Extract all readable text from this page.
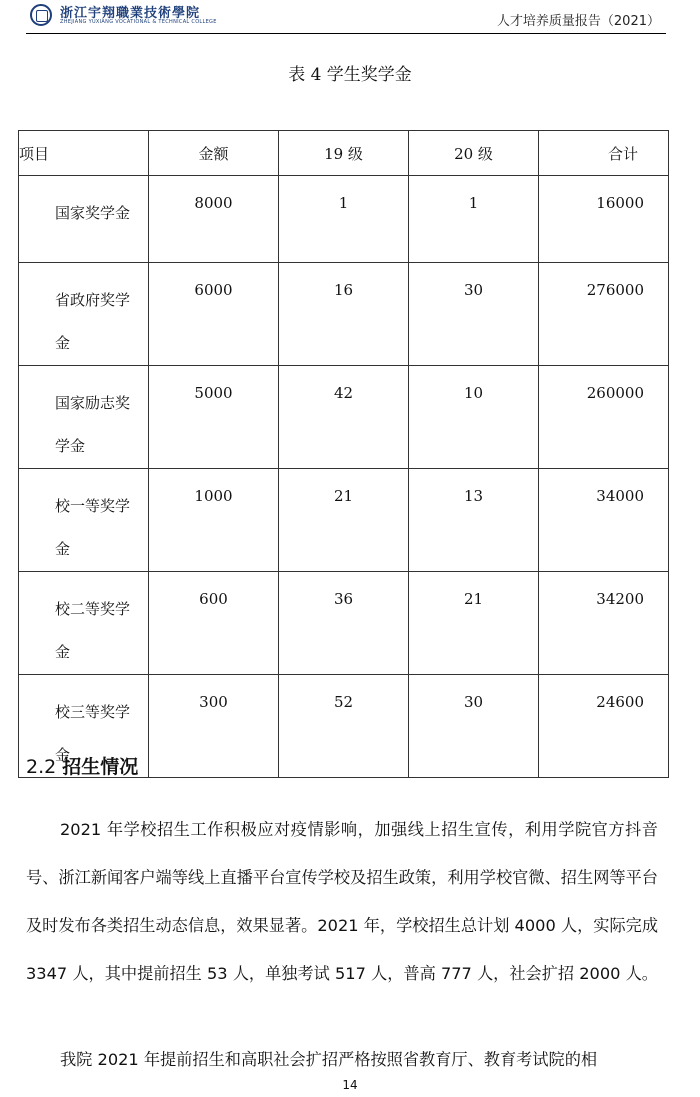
浙江宇翔職業技術學院
ZHEJIANG YUXIANG VOCATIONAL & TECHNICAL COLLEGE	人才培养质量报告（2021）
表 4 学生奖学金
项目	金额	19 级	20 级	合计

国家奖学金	8000	1	1	16000

省政府奖学金	6000	16	30	276000

国家励志奖学金	5000	42	10	260000

校一等奖学金	1000	21	13	34000

校二等奖学金	600	36	21	34200

校三等奖学金	300	52	30	24600
2.2 招生情况
2021 年学校招生工作积极应对疫情影响，加强线上招生宣传，利用学院官方抖音号、浙江新闻客户端等线上直播平台宣传学校及招生政策，利用学校官微、招生网等平台及时发布各类招生动态信息，效果显著。2021 年，学校招生总计划 4000 人，实际完成 3347 人，其中提前招生 53 人，单独考试 517 人，普高 777 人，社会扩招 2000 人。
我院 2021 年提前招生和高职社会扩招严格按照省教育厅、教育考试院的相
14
